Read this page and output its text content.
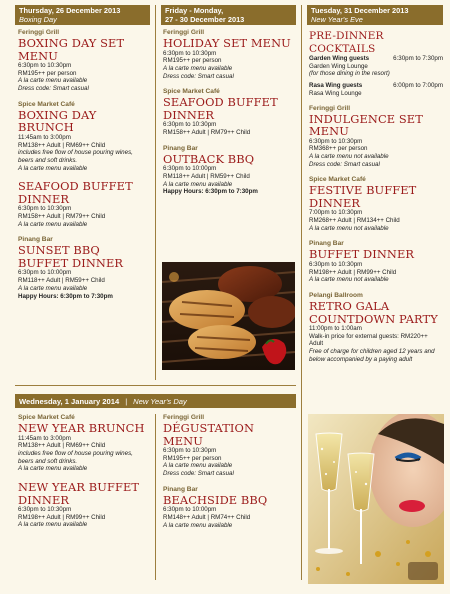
Thursday, 26 December 2013
Boxing Day
Feringgi Grill
BOXING DAY SET MENU
6:30pm to 10:30pm
RM195++ per person
A la carte menu available
Dress code: Smart casual
Spice Market Café
BOXING DAY BRUNCH
11:45am to 3:00pm
RM138++ Adult | RM69++ Child
includes free flow of house pouring wines, beers and soft drinks.
A la carte menu available
SEAFOOD BUFFET DINNER
6:30pm to 10:30pm
RM158++ Adult | RM79++ Child
A la carte menu available
Pinang Bar
SUNSET BBQ BUFFET DINNER
6:30pm to 10:00pm
RM118++ Adult | RM59++ Child
A la carte menu available
Happy Hours: 6:30pm to 7:30pm
Friday - Monday,
27 - 30 December 2013
Feringgi Grill
HOLIDAY SET MENU
6:30pm to 10:30pm
RM195++ per person
A la carte menu available
Dress code: Smart casual
Spice Market Café
SEAFOOD BUFFET DINNER
6:30pm to 10:30pm
RM158++ Adult | RM79++ Child
Pinang Bar
OUTBACK BBQ
6:30pm to 10:00pm
RM118++ Adult | RM59++ Child
A la carte menu available
Happy Hours: 6:30pm to 7:30pm
Tuesday, 31 December 2013
New Year's Eve
PRE-DINNER COCKTAILS
Garden Wing guests	6:30pm to 7:30pm
Garden Wing Lounge
(for those dining in the resort)
Rasa Wing guests	6:00pm to 7:00pm
Rasa Wing Lounge
Feringgi Grill
INDULGENCE SET MENU
6:30pm to 10:30pm
RM368++ per person
A la carte menu not available
Dress code: Smart casual
Spice Market Café
FESTIVE BUFFET DINNER
7:00pm to 10:30pm
RM268++ Adult | RM134++ Child
A la carte menu not available
Pinang Bar
BUFFET DINNER
6:30pm to 10:30pm
RM198++ Adult | RM99++ Child
A la carte menu not available
Pelangi Ballroom
RETRO GALA COUNTDOWN PARTY
11:00pm to 1:00am
Walk-in price for external guests: RM220++ Adult
Free of charge for children aged 12 years and below accompanied by a paying adult
Wednesday, 1 January 2014 | New Year's Day
Spice Market Café
NEW YEAR BRUNCH
11:45am to 3:00pm
RM138++ Adult | RM69++ Child
includes free flow of house pouring wines, beers and soft drinks.
A la carte menu available
NEW YEAR BUFFET DINNER
6:30pm to 10:30pm
RM198++ Adult | RM99++ Child
A la carte menu available
Feringgi Grill
DÉGUSTATION MENU
6:30pm to 10:30pm
RM195++ per person
A la carte menu available
Dress code: Smart casual
Pinang Bar
BEACHSIDE BBQ
6:30pm to 10:00pm
RM148++ Adult | RM74++ Child
A la carte menu available
